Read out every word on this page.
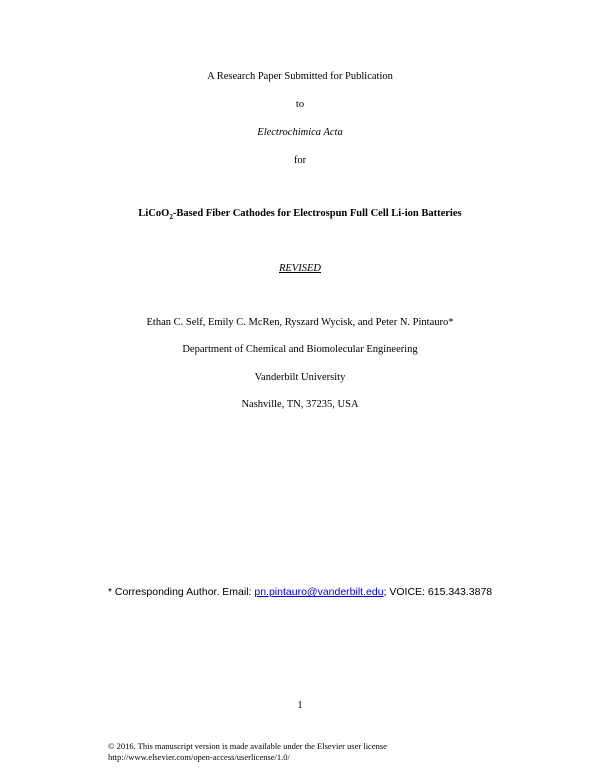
A Research Paper Submitted for Publication
to
Electrochimica Acta
for
LiCoO$_2$-Based Fiber Cathodes for Electrospun Full Cell Li-ion Batteries
REVISED
Ethan C. Self, Emily C. McRen, Ryszard Wycisk, and Peter N. Pintauro*
Department of Chemical and Biomolecular Engineering
Vanderbilt University
Nashville, TN, 37235, USA
* Corresponding Author. Email: pn.pintauro@vanderbilt.edu; VOICE: 615.343.3878
1
© 2016. This manuscript version is made available under the Elsevier user license
http://www.elsevier.com/open-access/userlicense/1.0/
